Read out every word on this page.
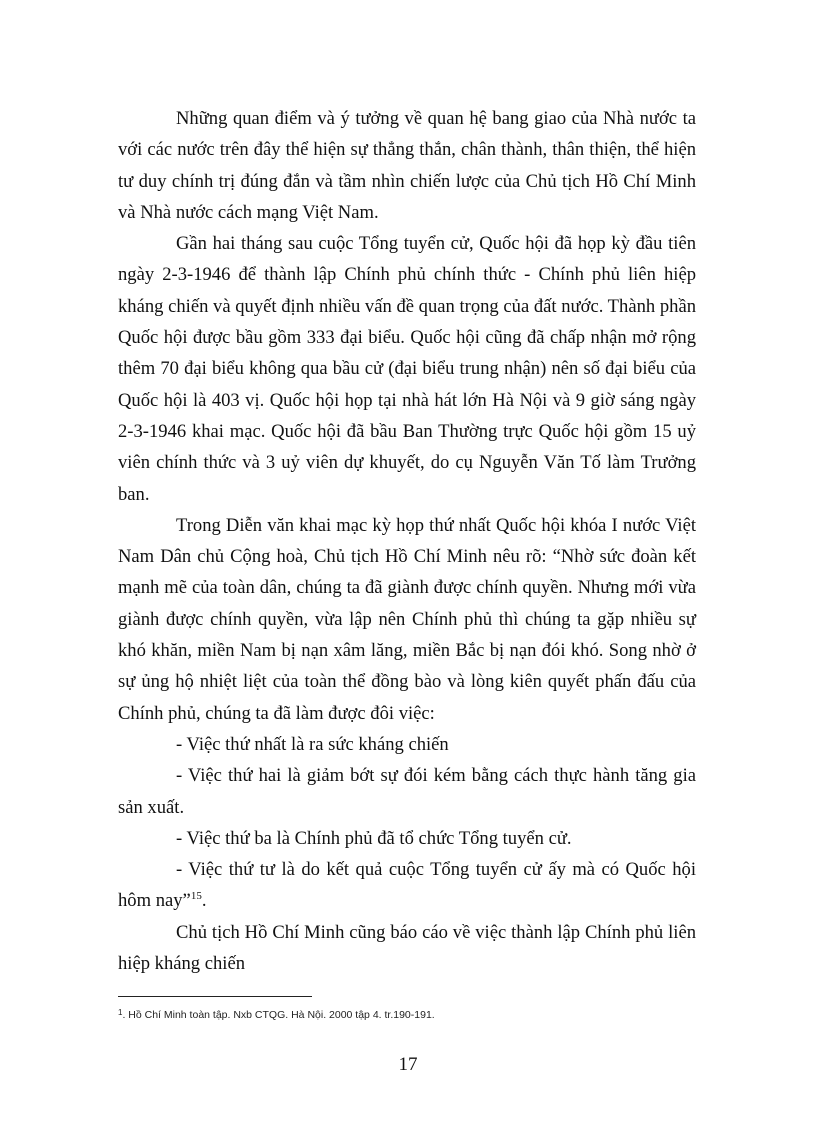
Những quan điểm và ý tưởng về quan hệ bang giao của Nhà nước ta với các nước trên đây thể hiện sự thẳng thắn, chân thành, thân thiện, thể hiện tư duy chính trị đúng đắn và tầm nhìn chiến lược của Chủ tịch Hồ Chí Minh và Nhà nước cách mạng Việt Nam.

Gần hai tháng sau cuộc Tổng tuyển cử, Quốc hội đã họp kỳ đầu tiên ngày 2-3-1946 để thành lập Chính phủ chính thức - Chính phủ liên hiệp kháng chiến và quyết định nhiều vấn đề quan trọng của đất nước. Thành phần Quốc hội được bầu gồm 333 đại biểu. Quốc hội cũng đã chấp nhận mở rộng thêm 70 đại biểu không qua bầu cử (đại biểu trung nhận) nên số đại biểu của Quốc hội là 403 vị. Quốc hội họp tại nhà hát lớn Hà Nội và 9 giờ sáng ngày 2-3-1946 khai mạc. Quốc hội đã bầu Ban Thường trực Quốc hội gồm 15 uỷ viên chính thức và 3 uỷ viên dự khuyết, do cụ Nguyễn Văn Tố làm Trưởng ban.

Trong Diễn văn khai mạc kỳ họp thứ nhất Quốc hội khóa I nước Việt Nam Dân chủ Cộng hoà, Chủ tịch Hồ Chí Minh nêu rõ: “Nhờ sức đoàn kết mạnh mẽ của toàn dân, chúng ta đã giành được chính quyền. Nhưng mới vừa giành được chính quyền, vừa lập nên Chính phủ thì chúng ta gặp nhiều sự khó khăn, miền Nam bị nạn xâm lăng, miền Bắc bị nạn đói khó. Song nhờ ở sự ủng hộ nhiệt liệt của toàn thể đồng bào và lòng kiên quyết phấn đấu của Chính phủ, chúng ta đã làm được đôi việc:

- Việc thứ nhất là ra sức kháng chiến

- Việc thứ hai là giảm bớt sự đói kém bằng cách thực hành tăng gia sản xuất.

- Việc thứ ba là Chính phủ đã tổ chức Tổng tuyển cử.

- Việc thứ tư là do kết quả cuộc Tổng tuyển cử ấy mà có Quốc hội hôm nay”$^{15}$.

Chủ tịch Hồ Chí Minh cũng báo cáo về việc thành lập Chính phủ liên hiệp kháng chiến

$^1$. Hồ Chí Minh toàn tập. Nxb CTQG. Hà Nội. 2000 tập 4. tr.190-191.
17
